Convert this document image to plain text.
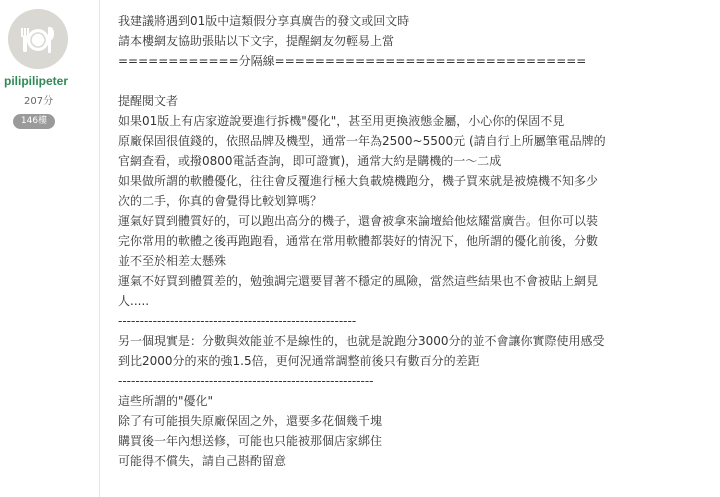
pilipilipeter
207分
146樓
我建議將遇到01版中這類假分享真廣告的發文或回文時
請本樓網友協助張貼以下文字，提醒網友勿輕易上當
============分隔線===============================
提醒閱文者
如果01版上有店家遊說要進行拆機"優化"，甚至用更換液態金屬，小心你的保固不見
原廠保固很值錢的，依照品牌及機型，通常一年為2500~5500元 (請自行上所屬筆電品牌的
官網查看，或撥0800電話查詢，即可證實)，通常大約是購機的一～二成
如果做所謂的軟體優化，往往會反覆進行極大負載燒機跑分，機子買來就是被燒機不知多少
次的二手，你真的會覺得比較划算嗎？
運氣好買到體質好的，可以跑出高分的機子，還會被拿來論壇給他炫耀當廣告。但你可以裝
完你常用的軟體之後再跑跑看，通常在常用軟體都裝好的情況下，他所謂的優化前後，分數
並不至於相差太懸殊
運氣不好買到體質差的，勉強調完還要冒著不穩定的風險，當然這些結果也不會被貼上網見
人.....
-------------------------------------------------------
另一個現實是：分數與效能並不是線性的，也就是說跑分3000分的並不會讓你實際使用感受
到比2000分的來的強1.5倍，更何況通常調整前後只有數百分的差距
-----------------------------------------------------------
這些所謂的"優化"
除了有可能損失原廠保固之外，還要多花個幾千塊
購買後一年內想送修，可能也只能被那個店家綁住
可能得不償失，請自己斟酌留意
